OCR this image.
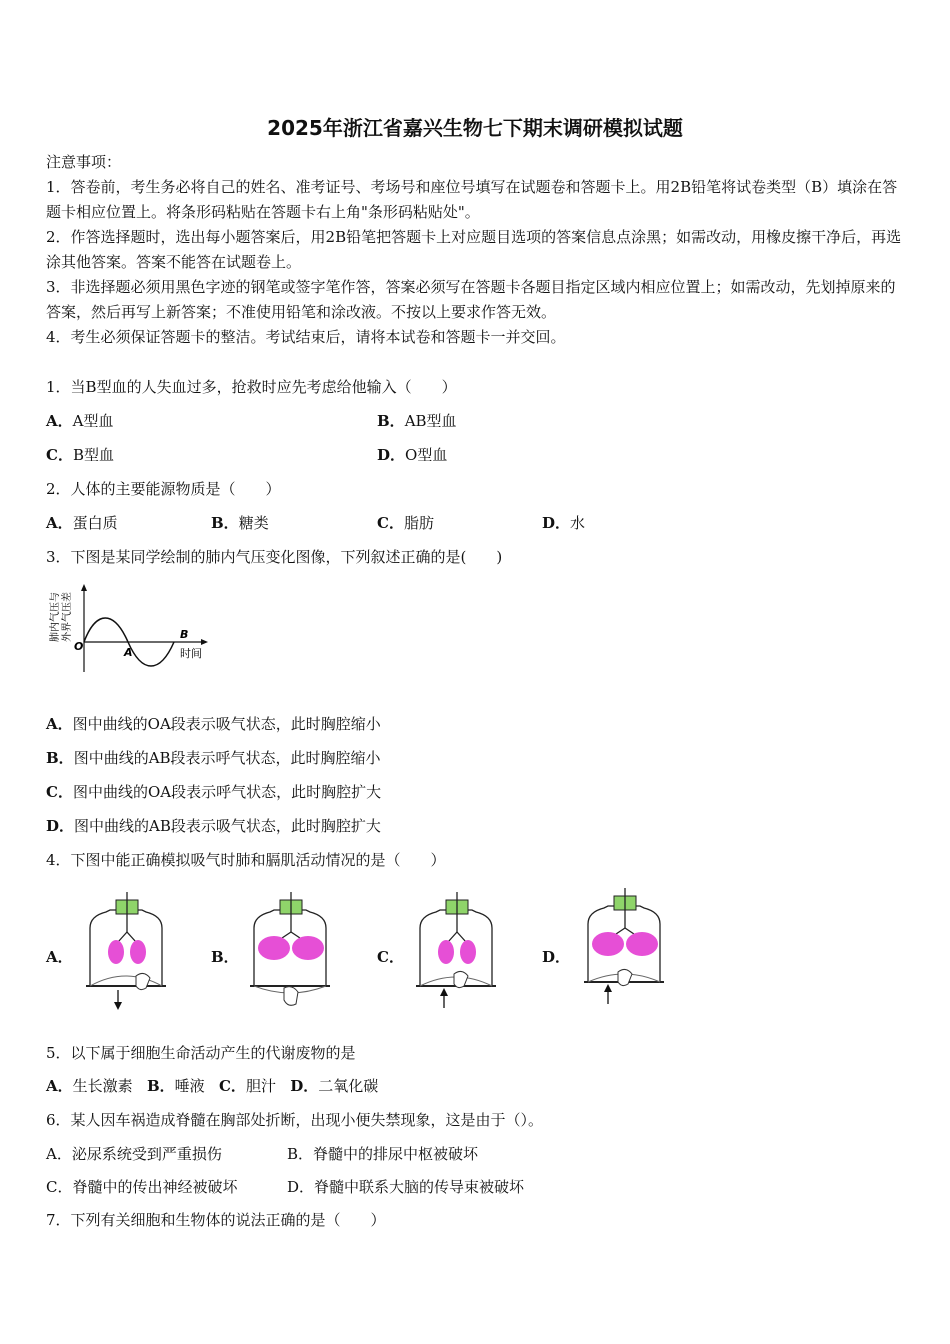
2025年浙江省嘉兴生物七下期末调研模拟试题
注意事项：
1．答卷前，考生务必将自己的姓名、准考证号、考场号和座位号填写在试题卷和答题卡上。用2B铅笔将试卷类型（B）填涂在答题卡相应位置上。将条形码粘贴在答题卡右上角"条形码粘贴处"。
2．作答选择题时，选出每小题答案后，用2B铅笔把答题卡上对应题目选项的答案信息点涂黑；如需改动，用橡皮擦干净后，再选涂其他答案。答案不能答在试题卷上。
3．非选择题必须用黑色字迹的钢笔或签字笔作答，答案必须写在答题卡各题目指定区域内相应位置上；如需改动，先划掉原来的答案，然后再写上新答案；不准使用铅笔和涂改液。不按以上要求作答无效。
4．考生必须保证答题卡的整洁。考试结束后，请将本试卷和答题卡一并交回。
1．当B型血的人失血过多，抢救时应先考虑给他输入（　　）
A．A型血	B．AB型血
C．B型血	D．O型血
2．人体的主要能源物质是（　　）
A．蛋白质	B．糖类	C．脂肪	D．水
3．下图是某同学绘制的肺内气压变化图像，下列叙述正确的是(　　)
肺内气压与 外界气压差
O	A
B
时间
A．图中曲线的OA段表示吸气状态，此时胸腔缩小
B．图中曲线的AB段表示呼气状态，此时胸腔缩小
C．图中曲线的OA段表示呼气状态，此时胸腔扩大
D．图中曲线的AB段表示吸气状态，此时胸腔扩大
4．下图中能正确模拟吸气时肺和膈肌活动情况的是（　　）
A．	B．	C．	D．
5．以下属于细胞生命活动产生的代谢废物的是
A．生长激素 B．唾液 C．胆汁 D．二氧化碳
6．某人因车祸造成脊髓在胸部处折断，出现小便失禁现象，这是由于（）。
A．泌尿系统受到严重损伤	B．脊髓中的排尿中枢被破坏
C．脊髓中的传出神经被破坏	D．脊髓中联系大脑的传导束被破坏
7．下列有关细胞和生物体的说法正确的是（　　）
